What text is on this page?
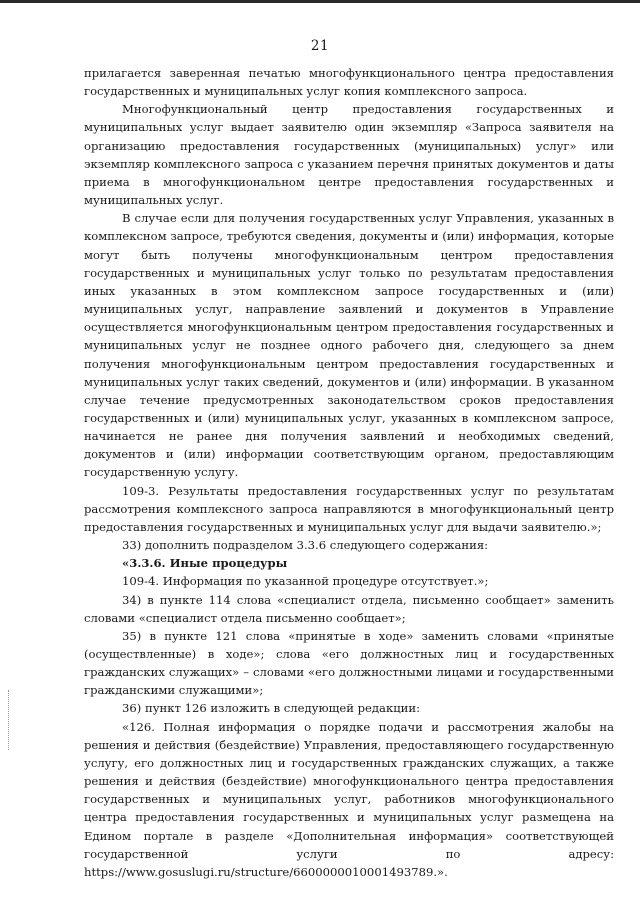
21

прилагается заверенная печатью многофункционального центра предоставления государственных и муниципальных услуг копия комплексного запроса.

Многофункциональный центр предоставления государственных и муниципальных услуг выдает заявителю один экземпляр «Запроса заявителя на организацию предоставления государственных (муниципальных) услуг» или экземпляр комплексного запроса с указанием перечня принятых документов и даты приема в многофункциональном центре предоставления государственных и муниципальных услуг.

В случае если для получения государственных услуг Управления, указанных в комплексном запросе, требуются сведения, документы и (или) информация, которые могут быть получены многофункциональным центром предоставления государственных и муниципальных услуг только по результатам предоставления иных указанных в этом комплексном запросе государственных и (или) муниципальных услуг, направление заявлений и документов в Управление осуществляется многофункциональным центром предоставления государственных и муниципальных услуг не позднее одного рабочего дня, следующего за днем получения многофункциональным центром предоставления государственных и муниципальных услуг таких сведений, документов и (или) информации. В указанном случае течение предусмотренных законодательством сроков предоставления государственных и (или) муниципальных услуг, указанных в комплексном запросе, начинается не ранее дня получения заявлений и необходимых сведений, документов и (или) информации соответствующим органом, предоставляющим государственную услугу.

109-3. Результаты предоставления государственных услуг по результатам рассмотрения комплексного запроса направляются в многофункциональный центр предоставления государственных и муниципальных услуг для выдачи заявителю.»;

33) дополнить подразделом 3.3.6 следующего содержания:

«3.3.6. Иные процедуры

109-4. Информация по указанной процедуре отсутствует.»;

34) в пункте 114 слова «специалист отдела, письменно сообщает» заменить словами «специалист отдела письменно сообщает»;

35) в пункте 121 слова «принятые в ходе» заменить словами «принятые (осуществленные) в ходе»; слова «его должностных лиц и государственных гражданских служащих» – словами «его должностными лицами и государственными гражданскими служащими»;

36) пункт 126 изложить в следующей редакции:

«126. Полная информация о порядке подачи и рассмотрения жалобы на решения и действия (бездействие) Управления, предоставляющего государственную услугу, его должностных лиц и государственных гражданских служащих, а также решения и действия (бездействие) многофункционального центра предоставления государственных и муниципальных услуг, работников многофункционального центра предоставления государственных и муниципальных услуг размещена на Едином портале в разделе «Дополнительная информация» соответствующей государственной услуги по адресу: https://www.gosuslugi.ru/structure/6600000010001493789.».
